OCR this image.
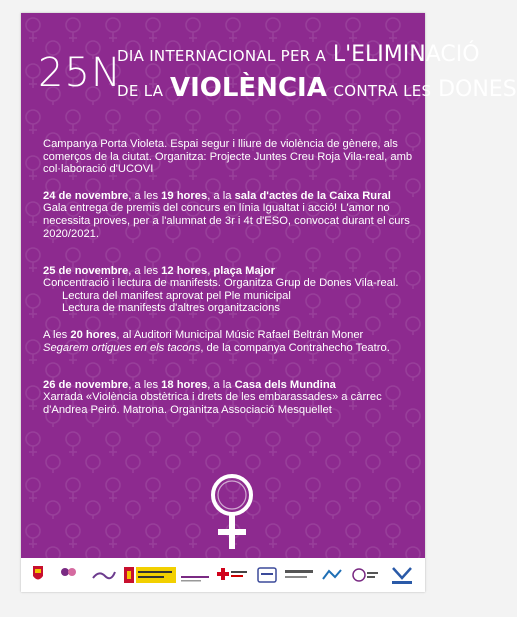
25N
DIA INTERNACIONAL PER A L'ELIMINACIÓ
DE LA VIOLÈNCIA CONTRA LES DONES

Campanya Porta Violeta. Espai segur i lliure de violència de gènere, als comerços de la ciutat. Organitza: Projecte Juntes Creu Roja Vila-real, amb col·laboració d'UCOVI

24 de novembre, a les 19 hores, a la sala d'actes de la Caixa Rural

Gala entrega de premis del concurs en línia Igualtat i acció! L'amor no necessita proves, per a l'alumnat de 3r i 4t d'ESO, convocat durant el curs 2020/2021.

25 de novembre, a les 12 hores, plaça Major

Concentració i lectura de manifests. Organitza Grup de Dones Vila-real.

Lectura del manifest aprovat pel Ple municipal

Lectura de manifests d'altres organitzacions

A les 20 hores, al Auditori Municipal Músic Rafael Beltrán Moner

Segarem ortigues en els tacons, de la companya Contrahecho Teatro.

26 de novembre, a les 18 hores, a la Casa dels Mundina

Xarrada «Violència obstètrica i drets de les embarassades» a càrrec d'Andrea Peiró. Matrona. Organitza Associació Mesquellet
